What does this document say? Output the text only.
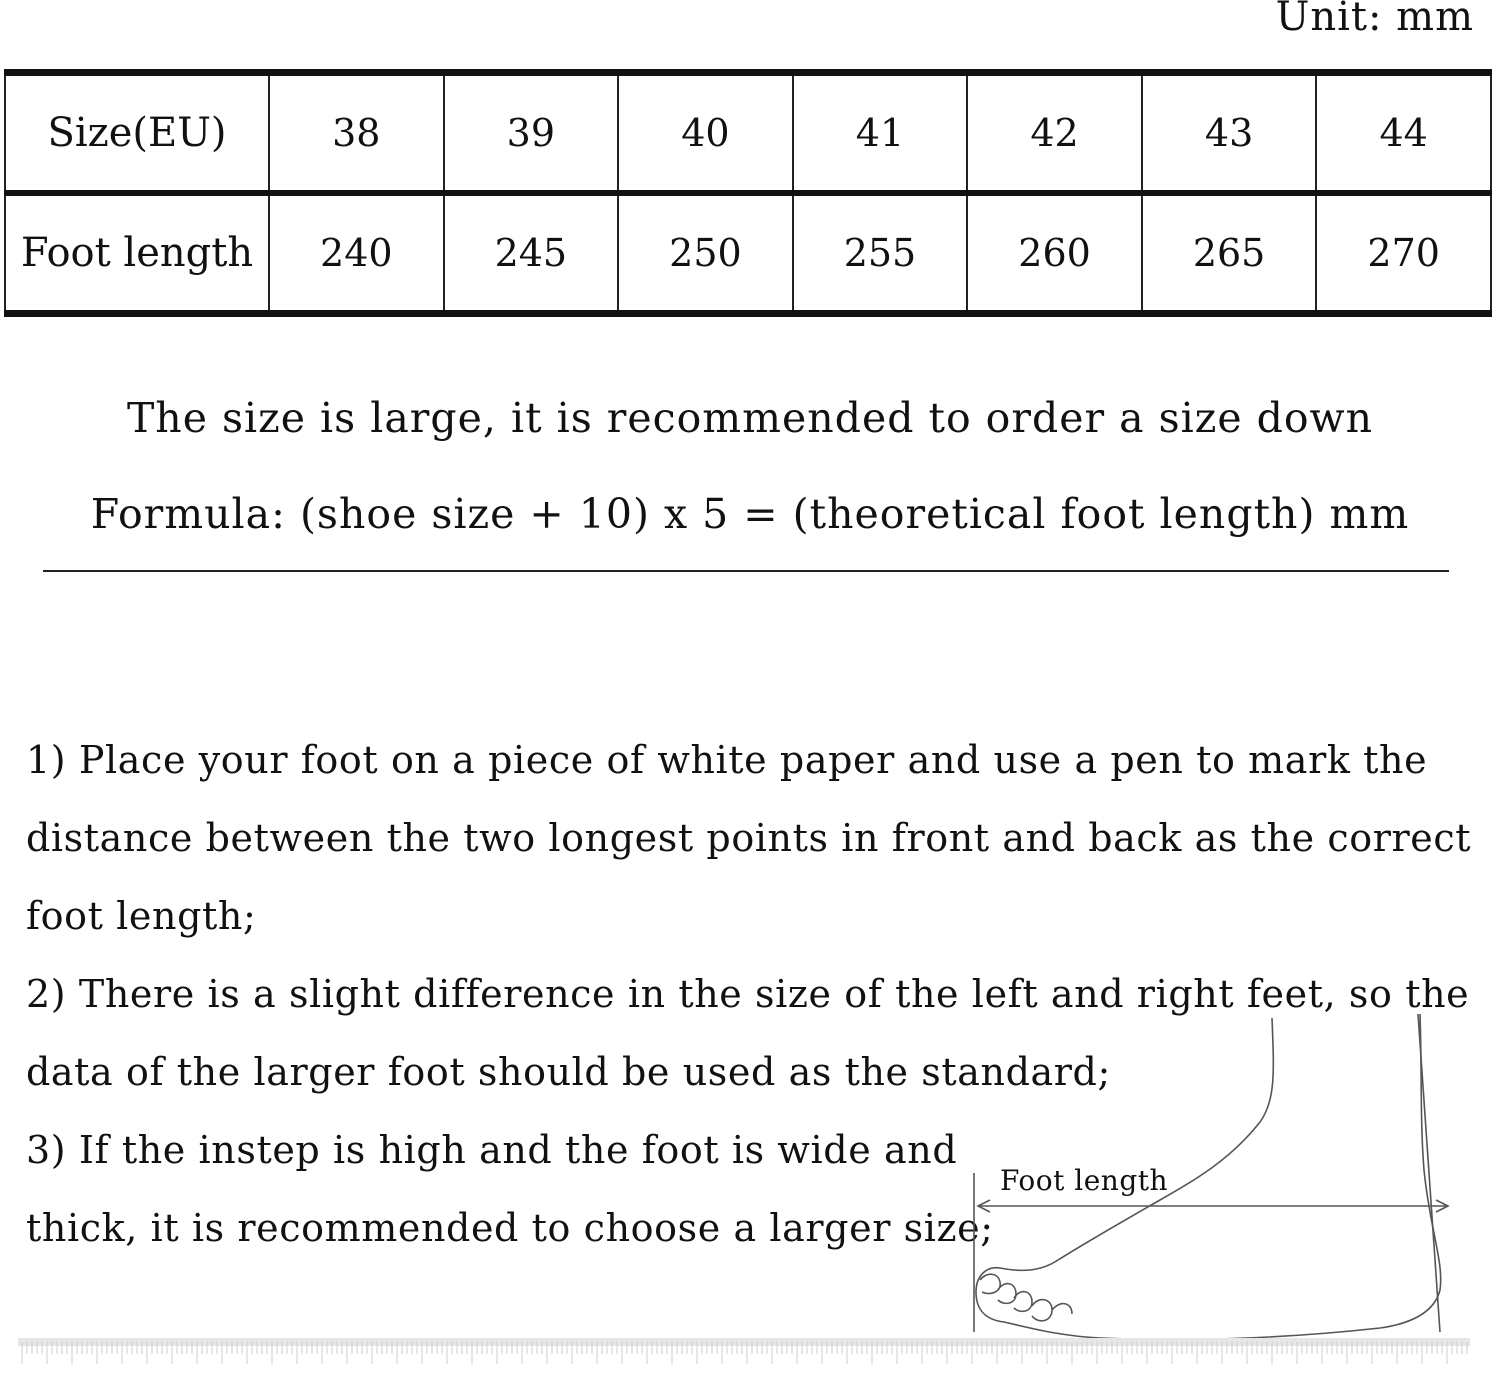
Unit: mm
Size(EU)	38	39	40	41	42	43	44
Foot length	240	245	250	255	260	265	270
The size is large, it is recommended to order a size down
Formula: (shoe size + 10) x 5 = (theoretical foot length) mm
1) Place your foot on a piece of white paper and use a pen to mark the
distance between the two longest points in front and back as the correct
foot length;
2) There is a slight difference in the size of the left and right feet, so the
data of the larger foot should be used as the standard;
3) If the instep is high and the foot is wide and
thick, it is recommended to choose a larger size;
Foot length
